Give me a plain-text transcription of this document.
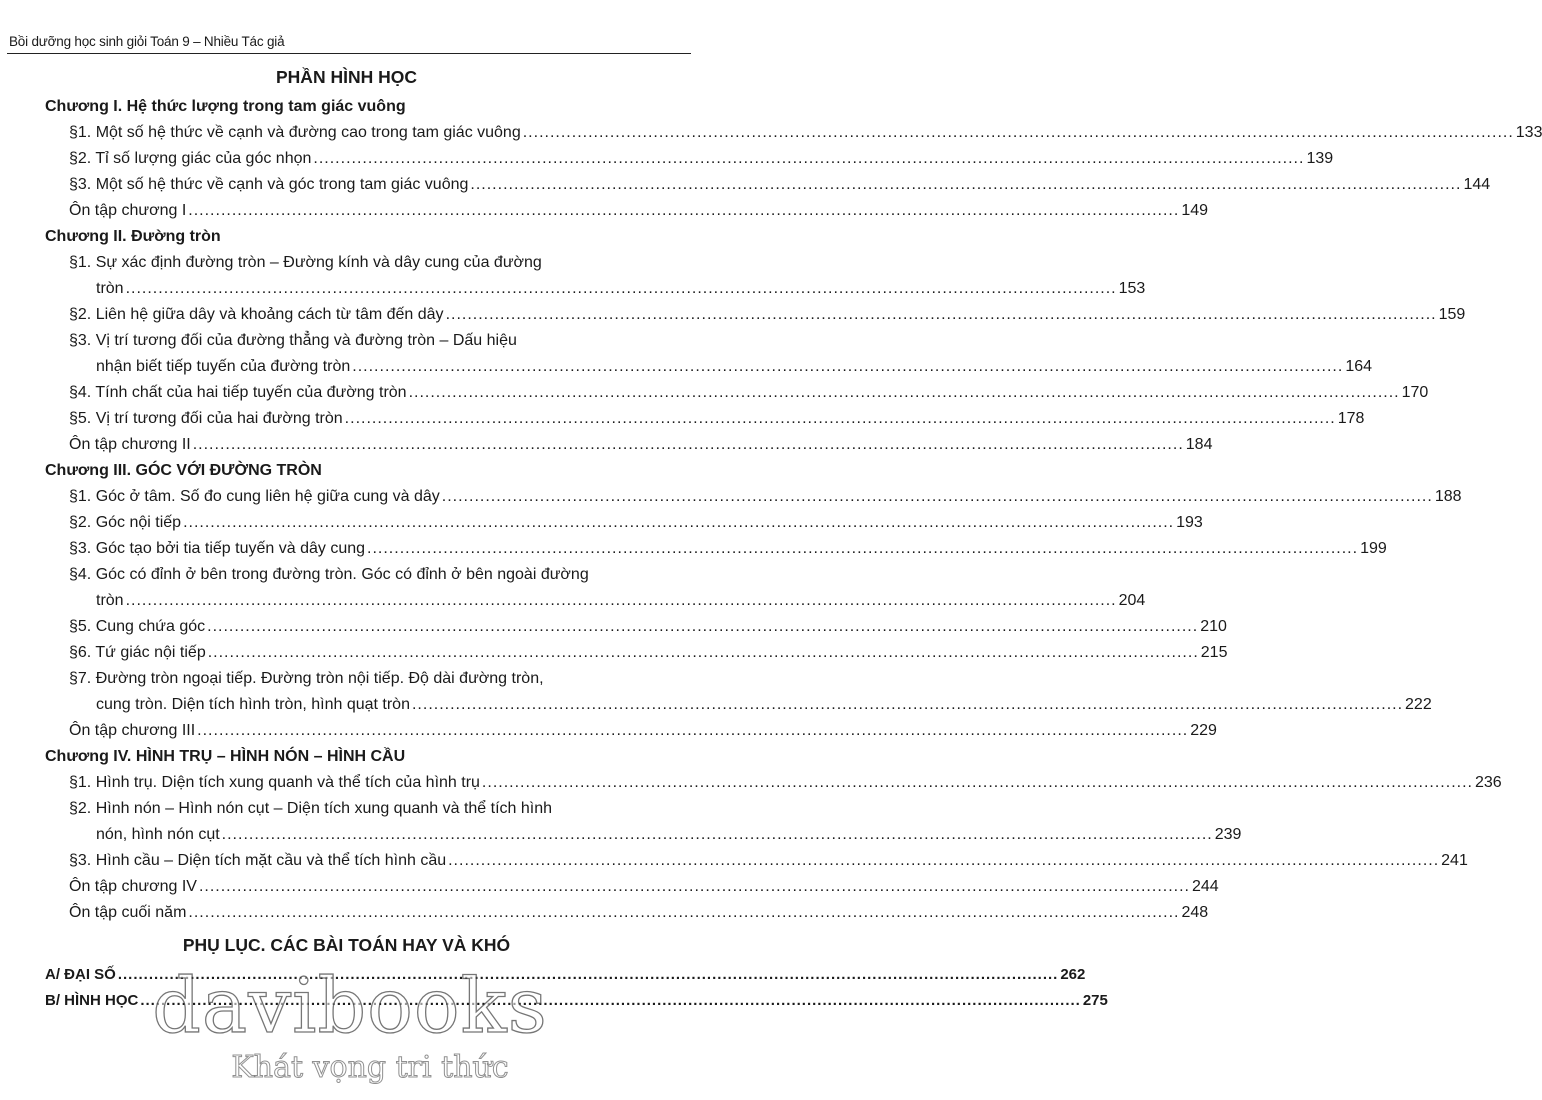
Bồi dưỡng học sinh giỏi Toán 9 – Nhiều Tác giả
PHẦN HÌNH HỌC
Chương I. Hệ thức lượng trong tam giác vuông
§1. Một số hệ thức về cạnh và đường cao trong tam giác vuông .....	133
§2. Tỉ số lượng giác của góc nhọn .....	139
§3. Một số hệ thức về cạnh và góc trong tam giác vuông .....	144
Ôn tập chương I .....	149
Chương II. Đường tròn
§1. Sự xác định đường tròn – Đường kính và dây cung của đường
tròn .....	153
§2. Liên hệ giữa dây và khoảng cách từ tâm đến dây .....	159
§3. Vị trí tương đối của đường thẳng và đường tròn – Dấu hiệu
nhận biết tiếp tuyến của đường tròn .....	164
§4. Tính chất của hai tiếp tuyến của đường tròn .....	170
§5. Vị trí tương đối của hai đường tròn .....	178
Ôn tập chương II .....	184
Chương III. GÓC VỚI ĐƯỜNG TRÒN
§1. Góc ở tâm. Số đo cung liên hệ giữa cung và dây .....	188
§2. Góc nội tiếp .....	193
§3. Góc tạo bởi tia tiếp tuyến và dây cung .....	199
§4. Góc có đỉnh ở bên trong đường tròn. Góc có đỉnh ở bên ngoài đường
tròn .....	204
§5. Cung chứa góc .....	210
§6. Tứ giác nội tiếp .....	215
§7. Đường tròn ngoại tiếp. Đường tròn nội tiếp. Độ dài đường tròn,
cung tròn. Diện tích hình tròn, hình quạt tròn .....	222
Ôn tập chương III .....	229
Chương IV. HÌNH TRỤ – HÌNH NÓN – HÌNH CẦU
§1. Hình trụ. Diện tích xung quanh và thể tích của hình trụ .....	236
§2. Hình nón – Hình nón cụt – Diện tích xung quanh và thể tích hình
nón, hình nón cụt .....	239
§3. Hình cầu – Diện tích mặt cầu và thể tích hình cầu .....	241
Ôn tập chương IV .....	244
Ôn tập cuối năm .....	248
PHỤ LỤC. CÁC BÀI TOÁN HAY VÀ KHÓ
A/ ĐẠI SỐ .....	262
B/ HÌNH HỌC .....	275
davibooks
Khát vọng tri thức
